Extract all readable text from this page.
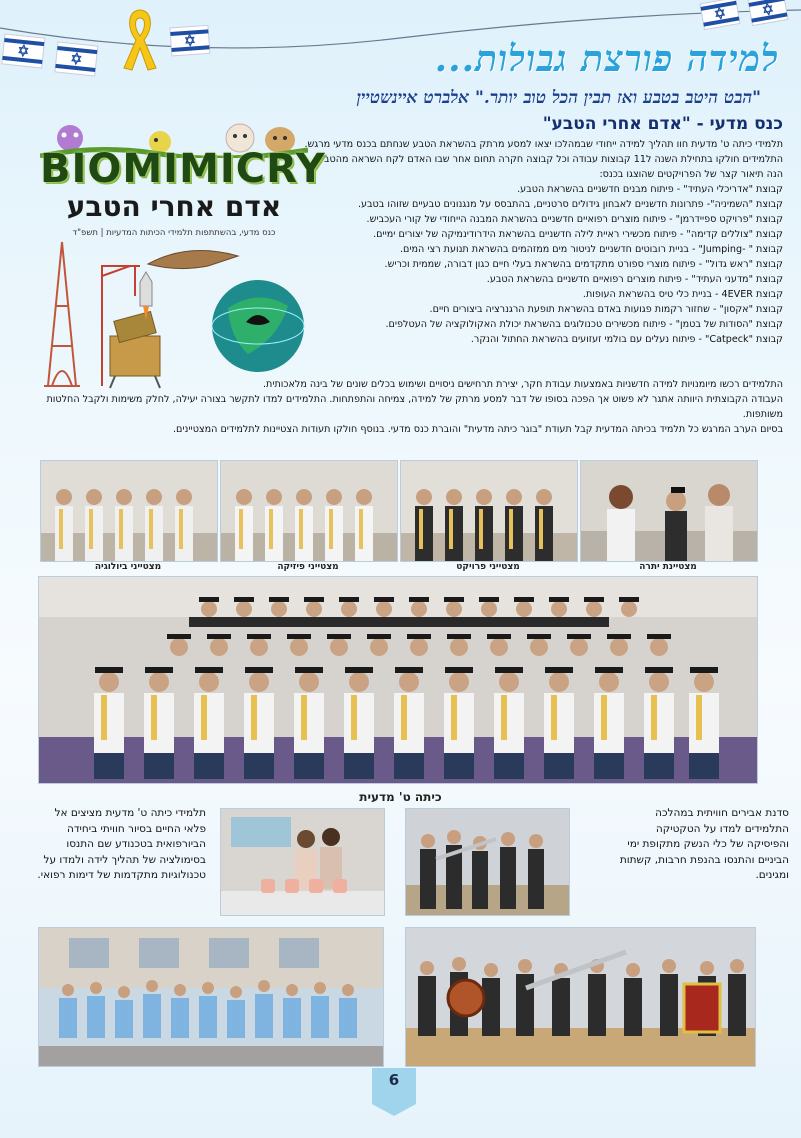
למידה פורצת גבולות...

"הבט היטב בטבע ואז תבין הכל טוב יותר." אלברט איינשטיין

כנס מדעי - "אדם אחרי הטבע"

תלמידי כיתה ט' מדעית חוו תהליך למידה ייחודי שבמהלכו יצאו למסע מרתק בהשראת הטבע שנחתם בכנס מדעי מרגש. התלמידים חולקו בתחילת השנה ל11 קבוצות עבודה וכל קבוצה חקרה תחום אחר שבו האדם לקח השראה מהטבע.

הנה תיאור קצר של הפרויקטים שהוצגו בכנס:

קבוצת "אדריכלי העתיד" - פיתוח מבנים חדשניים בהשראת הטבע.

קבוצת "השמיניה"- פתרונות חדשניים לאבחון גידולים סרטניים, בהתבסס על מנגנונים טבעיים שזוהו בטבע.

קבוצת "פרויקט ספיידרמן" - פיתוח מוצרים רפואיים חדשניים בהשראת המבנה הייחודי של קורי העכביש.

קבוצת "צוללים קדימה" - פיתוח מכשירי ראיית לילה חדשניים בהשראת הידרודינמיקה של יצורים ימיים.

קבוצת " -Jumping" - בניית רובוטים חדשניים לניטור מים ממזהמים בהשראת תנועת רצי המים.

קבוצת "ראש גדול" - פיתוח מוצרי ספורט מתקדמים בהשראת בעלי חיים כגון דבורה, שממית וכריש.

קבוצת "מדעני העתיד" - פיתוח מוצרים רפואיים חדשניים בהשראת הטבע.

קבוצת 4EVER - בניית כלי טיס בהשראת העופות.

קבוצת "אקסון" - שחזור רקמות פגועות באדם בהשראת תופעת הרגנרציה ביצורים חיים.

קבוצת "הסודות של בטמן" - פיתוח מכשירים טכנולוגים בהשראת יכולת האקולוקציה של העטלפים.

קבוצת "Catpeck" - פיתוח נעלים עם בולמי זעזועים בהשראת החתול והנקר.

התלמידים רכשו מיומנויות למידה חדשניות באמצעות עבודת חקר, יצירת תרחישים ניסויים ושימוש בכלים שונים של בינה מלאכותית.

העבודה הקבוצתית היוותה אתגר לא פשוט אך הפכה בסופו של דבר למסע מרתק של למידה, צמיחה והתפתחות. התלמידים למדו לתקשר בצורה יעילה, לחלק משימות ולקבל החלטות משותפות.

בסיום הערב המרגש כל תלמיד בכיתה המדעית קבל תעודת "בוגר כיתה מדעית" והוברת כנס מדעי. בנוסף חולקו תעודות הצטיינות לתלמידים המצטיינים.

BIOMIMICRY
אדם אחרי הטבע
כנס מדעי, בהשתתפות תלמידי הכיתות המדעיות | תשפ"ד
מצטיינת יתרה
מצטייני פרויקט
מצטייני פיזיקה
מצטייני ביולוגיה
כיתה ט' מדעית

סדנת אבירים חוויתית במהלכה התלמידים למדו על הטקטיקה והפיסיקה של כלי הנשק מתקופת ימי הביניים והתנסו בהנפת חרבות, קשתות ומגינים.

תלמידי כיתה ט' מדעית מציצים אל פלאי החיים בסיור חוויתי ביחידה הביורפואית בטכנודע שם התנסו בסימולציה של תהליך לידה ולמדו על טכנולוגיות מתקדמות של דימות רפואי.

6
